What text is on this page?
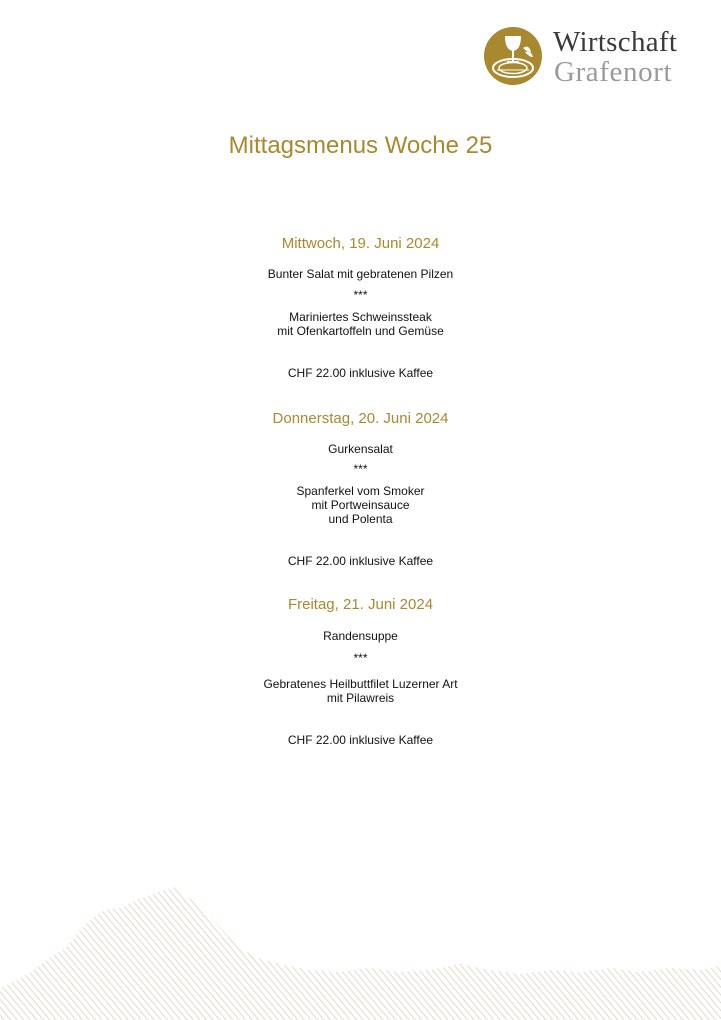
Wirtschaft
Grafenort
Mittagsmenus Woche 25
Mittwoch, 19. Juni 2024
Bunter Salat mit gebratenen Pilzen
***
Mariniertes Schweinssteak
mit Ofenkartoffeln und Gemüse
CHF 22.00 inklusive Kaffee
Donnerstag, 20. Juni 2024
Gurkensalat
***
Spanferkel vom Smoker
mit Portweinsauce
und Polenta
CHF 22.00 inklusive Kaffee
Freitag, 21. Juni 2024
Randensuppe
***
Gebratenes Heilbuttfilet Luzerner Art
mit Pilawreis
CHF 22.00 inklusive Kaffee
